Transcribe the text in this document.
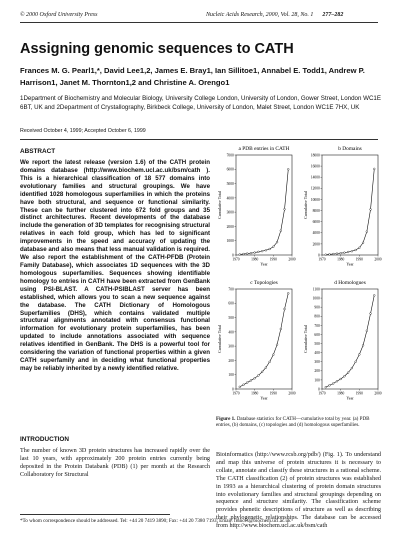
© 2000 Oxford University Press	Nucleic Acids Research, 2000, Vol. 28, No. 1 277–282
Assigning genomic sequences to CATH
Frances M. G. Pearl1,*, David Lee1,2, James E. Bray1, Ian Sillitoe1, Annabel E. Todd1, Andrew P. Harrison1, Janet M. Thornton1,2 and Christine A. Orengo1
1Department of Biochemistry and Molecular Biology, University College London, University of London, Gower Street, London WC1E 6BT, UK and 2Department of Crystallography, Birkbeck College, University of London, Malet Street, London WC1E 7HX, UK
Received October 4, 1999; Accepted October 6, 1999
ABSTRACT
We report the latest release (version 1.6) of the CATH protein domains database (http://www.biochem.ucl.ac.uk/bsm/cath ). This is a hierarchical classification of 18 577 domains into evolutionary families and structural groupings. We have identified 1028 homologous superfamilies in which the proteins have both structural, and sequence or functional similarity. These can be further clustered into 672 fold groups and 35 distinct architectures. Recent developments of the database include the generation of 3D templates for recognising structural relatives in each fold group, which has led to significant improvements in the speed and accuracy of updating the database and also means that less manual validation is required. We also report the establishment of the CATH-PFDB (Protein Family Database), which associates 1D sequences with the 3D homologous superfamilies. Sequences showing identifiable homology to entries in CATH have been extracted from GenBank using PSI-BLAST. A CATH-PSIBLAST server has been established, which allows you to scan a new sequence against the database. The CATH Dictionary of Homologous Superfamilies (DHS), which contains validated multiple structural alignments annotated with consensus functional information for evolutionary protein superfamilies, has been updated to include annotations associated with sequence relatives identified in GenBank. The DHS is a powerful tool for considering the variation of functional properties within a given CATH superfamily and in deciding what functional properties may be reliably inherited by a newly identified relative.
INTRODUCTION
The number of known 3D protein structures has increased rapidly over the last 10 years, with approximately 200 protein entries currently being deposited in the Protein Databank (PDB) (1) per month at the Research Collaboratory for Structural
a PDB entries in CATH
0
1000
2000
3000
4000
5000
6000
7000
1970	1980	1990	2000
Year
Cumulative Total
b Domains
0
2000
4000
6000
8000
10000
12000
14000
16000
18000
1970	1980	1990	2000
Year
Cumulative Total
c Topologies
0
100
200
300
400
500
600
700
1970	1980	1990	2000
Year
Cumulative Total
d Homologues
0
100
200
300
400
500
600
700
800
900
1000
1100
1970	1980	1990	2000
Year
Cumulative Total
Figure 1. Database statistics for CATH—cumulative total by year. (a) PDB entries, (b) domains, (c) topologies and (d) homologous superfamilies.
Bioinformatics (http://www.rcsb.org/pdb/) (Fig. 1). To understand and map this universe of protein structures it is necessary to collate, annotate and classify these structures in a rational scheme. The CATH classification (2) of protein structures was established in 1993 as a hierarchical clustering of protein domain structures into evolutionary families and structural groupings depending on sequence and structure similarity. The classification scheme provides phenetic descriptions of structure as well as describing their phylogenetic relationships. The database can be accessed from http://www.biochem.ucl.ac.uk/bsm/cath
*To whom correspondence should be addressed. Tel: +44 20 7419 3890; Fax: +44 20 7380 7193; Email: frances@biochem.ucl.ac.uk
